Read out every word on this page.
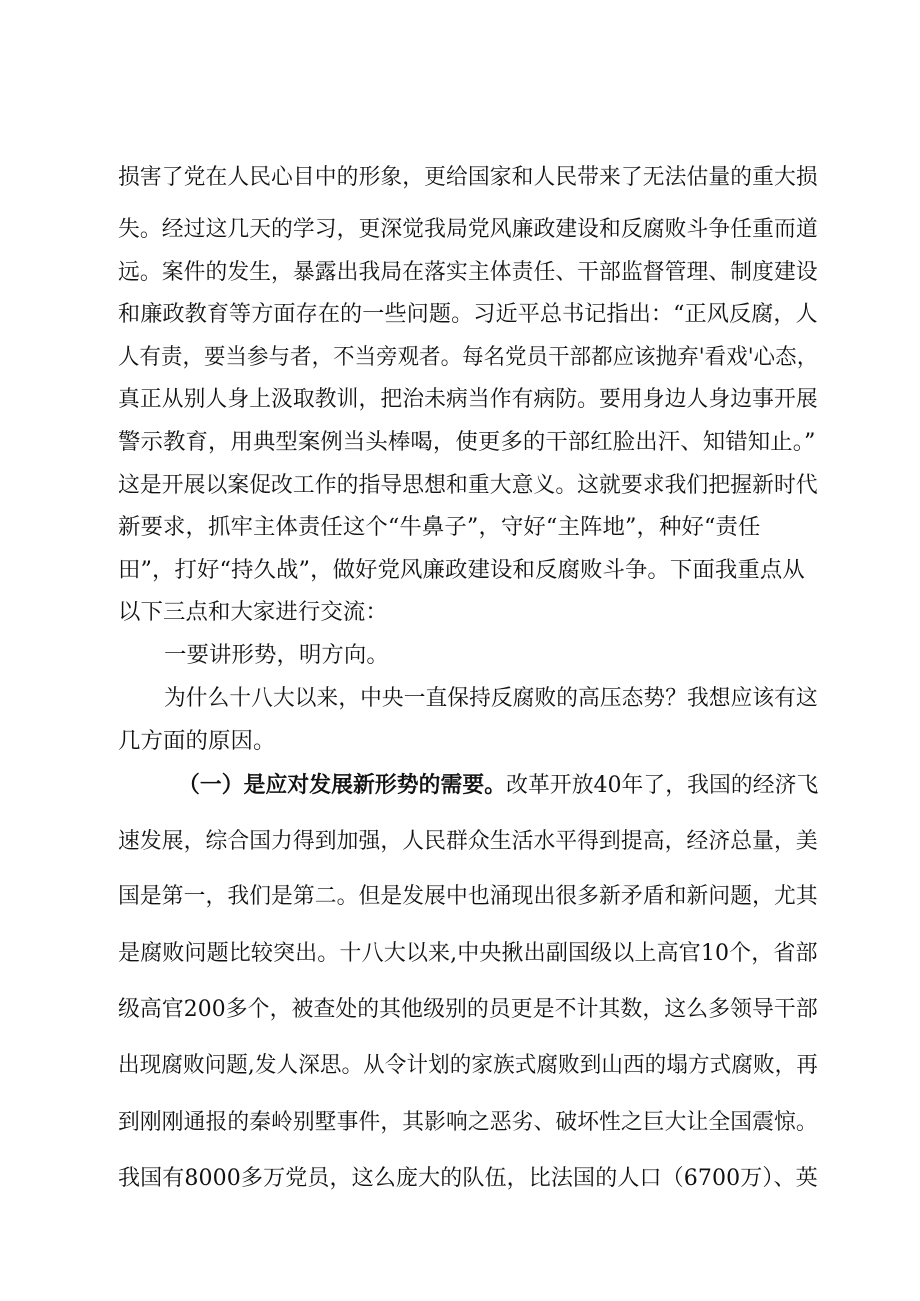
损害了党在人民心目中的形象，更给国家和人民带来了无法估量的重大损
失。经过这几天的学习，更深觉我局党风廉政建设和反腐败斗争任重而道
远。案件的发生，暴露出我局在落实主体责任、干部监督管理、制度建设
和廉政教育等方面存在的一些问题。习近平总书记指出：“正风反腐，人
人有责，要当参与者，不当旁观者。每名党员干部都应该抛弃'看戏'心态，
真正从别人身上汲取教训，把治未病当作有病防。要用身边人身边事开展
警示教育，用典型案例当头棒喝，使更多的干部红脸出汗、知错知止。”
这是开展以案促改工作的指导思想和重大意义。这就要求我们把握新时代
新要求，抓牢主体责任这个“牛鼻子”，守好“主阵地”，种好“责任
田”，打好“持久战”，做好党风廉政建设和反腐败斗争。下面我重点从
以下三点和大家进行交流：
一要讲形势，明方向。
为什么十八大以来，中央一直保持反腐败的高压态势？我想应该有这
几方面的原因。
（一）是应对发展新形势的需要。改革开放40年了，我国的经济飞
速发展，综合国力得到加强，人民群众生活水平得到提高，经济总量，美
国是第一，我们是第二。但是发展中也涌现出很多新矛盾和新问题，尤其
是腐败问题比较突出。十八大以来,中央揪出副国级以上高官10个，省部
级高官200多个，被查处的其他级别的员更是不计其数，这么多领导干部
出现腐败问题,发人深思。从令计划的家族式腐败到山西的塌方式腐败，再
到刚刚通报的秦岭别墅事件，其影响之恶劣、破坏性之巨大让全国震惊。
我国有8000多万党员，这么庞大的队伍，比法国的人口（6700万）、英
